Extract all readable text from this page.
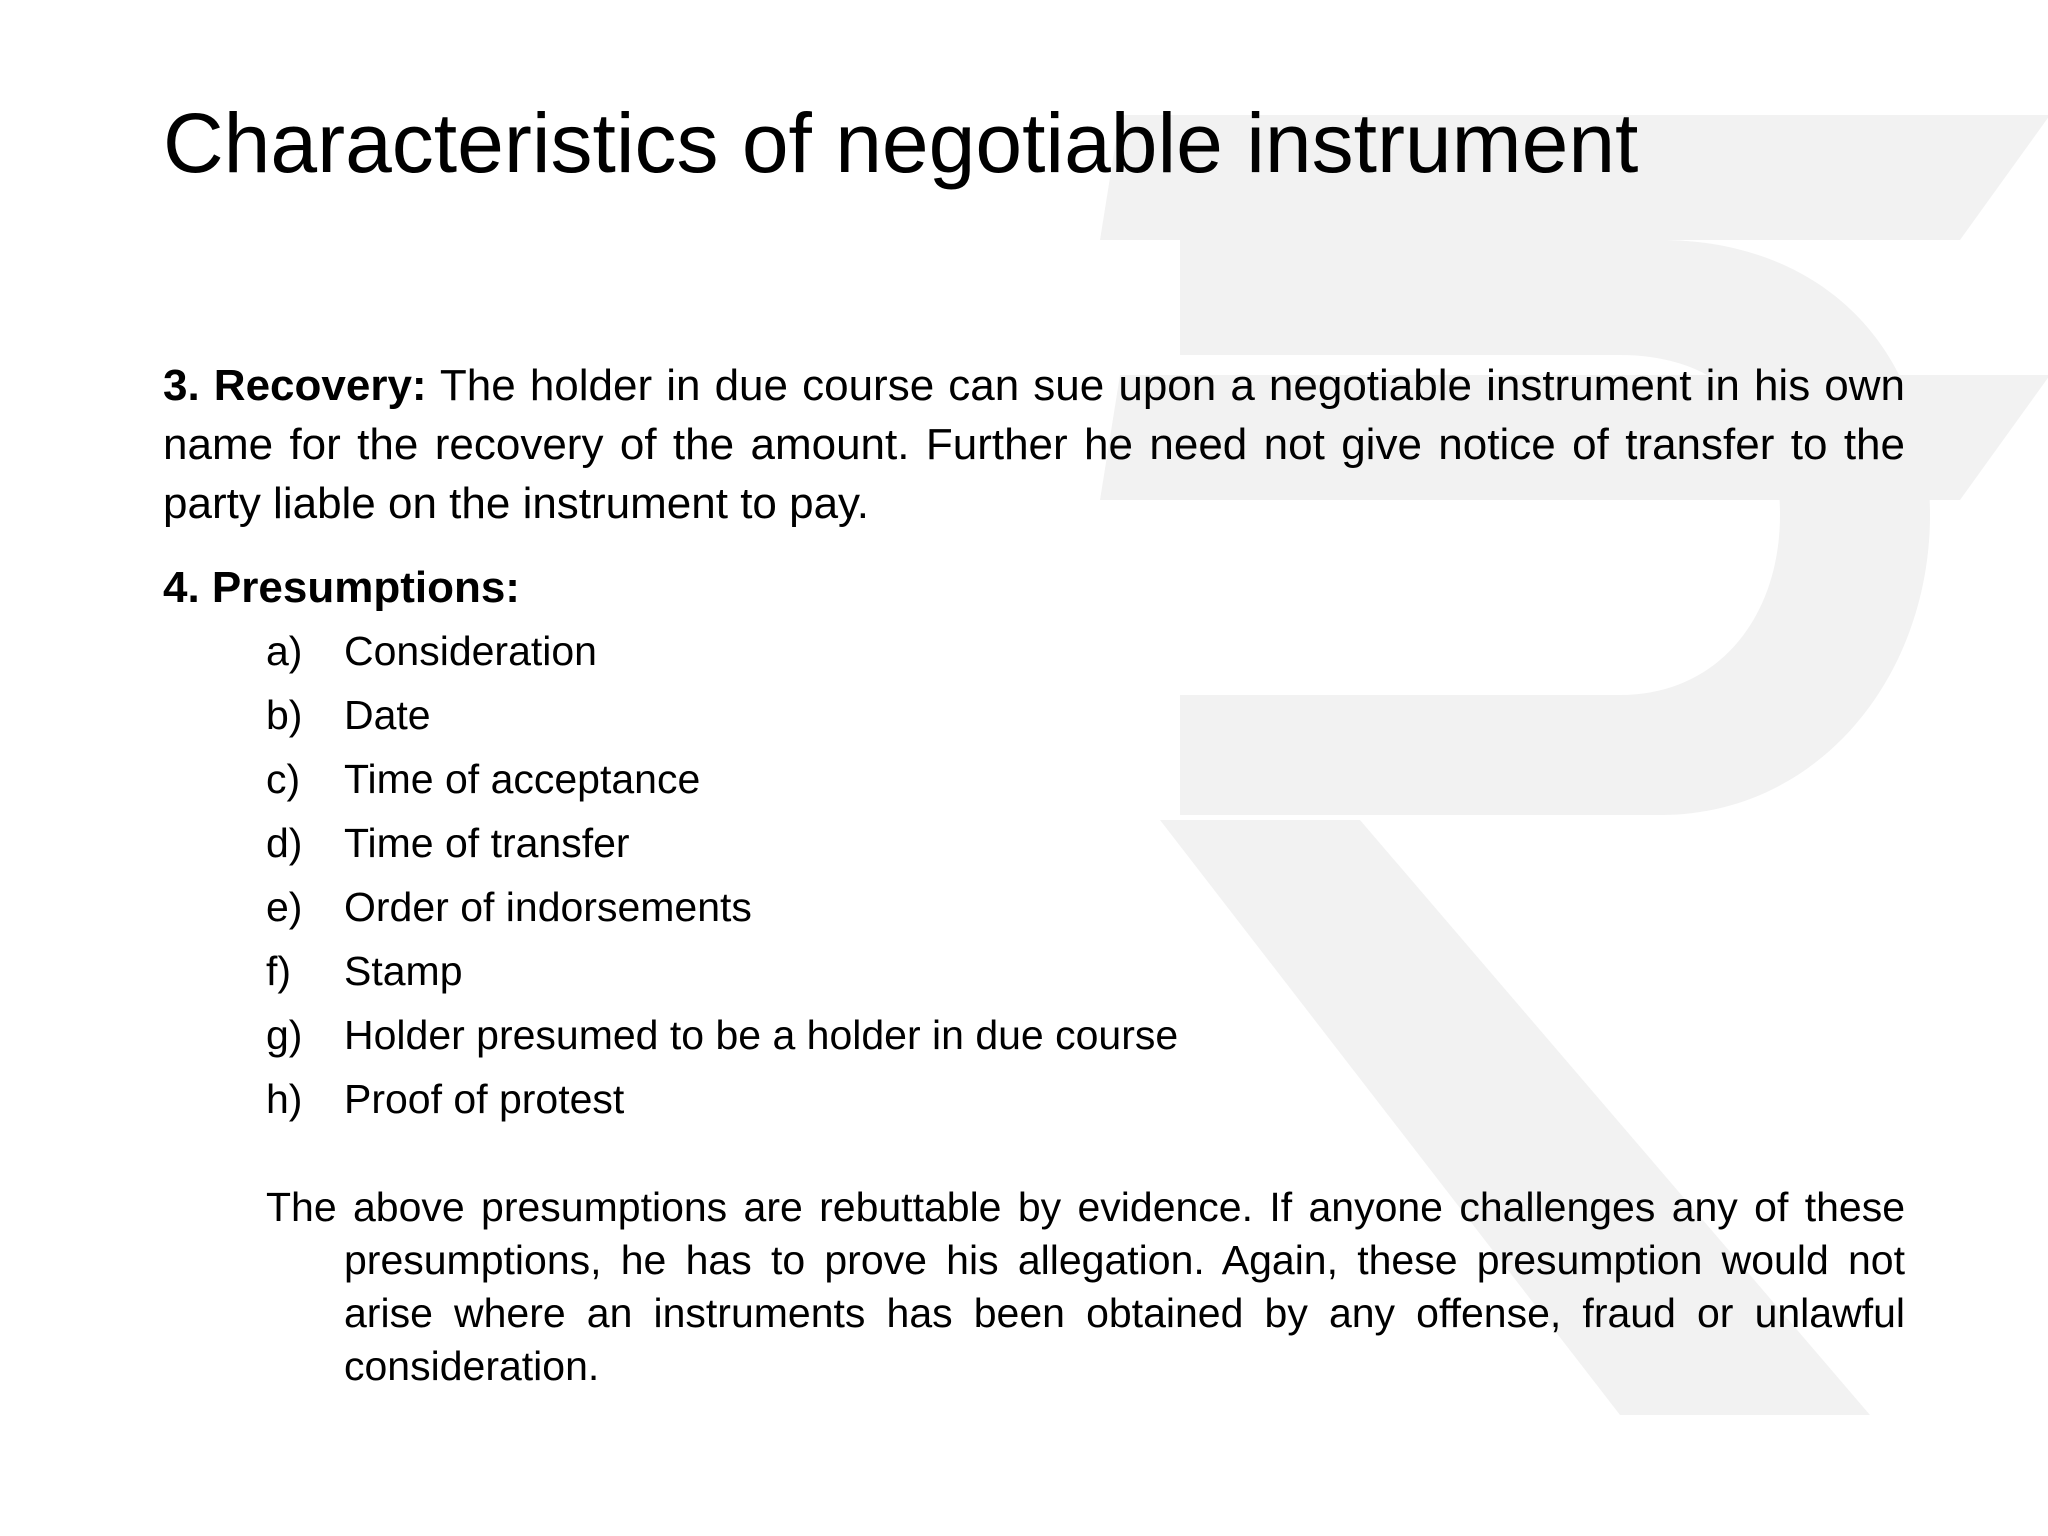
Characteristics of negotiable instrument

3. Recovery: The holder in due course can sue upon a negotiable instrument in his own name for the recovery of the amount. Further he need not give notice of transfer to the party liable on the instrument to pay.

4. Presumptions:
a)	Consideration
b)	Date
c)	Time of acceptance
d)	Time of transfer
e)	Order of indorsements
f)	Stamp
g)	Holder presumed to be a holder in due course
h)	Proof of protest

The above presumptions are rebuttable by evidence. If anyone challenges any of these presumptions, he has to prove his allegation. Again, these presumption would not arise where an instruments has been obtained by any offense, fraud or unlawful consideration.
